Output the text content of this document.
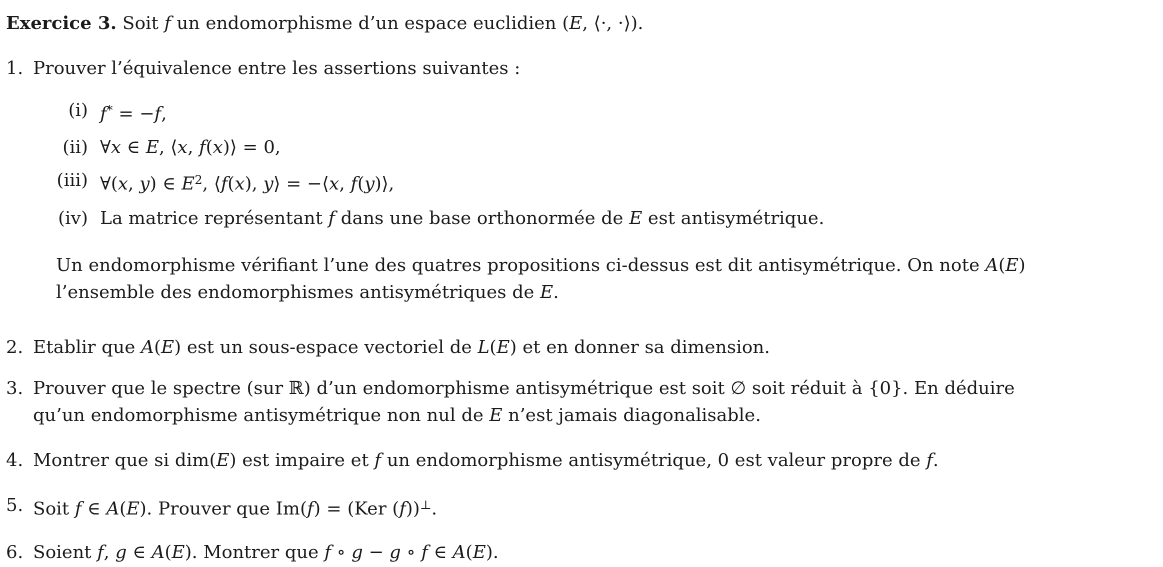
Exercice 3. Soit f un endomorphisme d’un espace euclidien (E, ⟨·, ·⟩).
1. Prouver l’équivalence entre les assertions suivantes :
(i) f* = −f,
(ii) ∀x ∈ E, ⟨x, f(x)⟩ = 0,
(iii) ∀(x, y) ∈ $E^2$, ⟨f(x), y⟩ = −⟨x, f(y)⟩,
(iv) La matrice représentant f dans une base orthonormée de E est antisymétrique.
Un endomorphisme vérifiant l’une des quatres propositions ci-dessus est dit antisymétrique. On note A(E)
l’ensemble des endomorphismes antisymétriques de E.
2. Etablir que A(E) est un sous-espace vectoriel de L(E) et en donner sa dimension.
3. Prouver que le spectre (sur ℝ) d’un endomorphisme antisymétrique est soit ∅ soit réduit à {0}. En déduire
qu’un endomorphisme antisymétrique non nul de E n’est jamais diagonalisable.
4. Montrer que si dim(E) est impaire et f un endomorphisme antisymétrique, 0 est valeur propre de f.
5. Soit f ∈ A(E). Prouver que Im(f) = (Ker (f))⊥.
6. Soient f, g ∈ A(E). Montrer que f ∘ g − g ∘ f ∈ A(E).
